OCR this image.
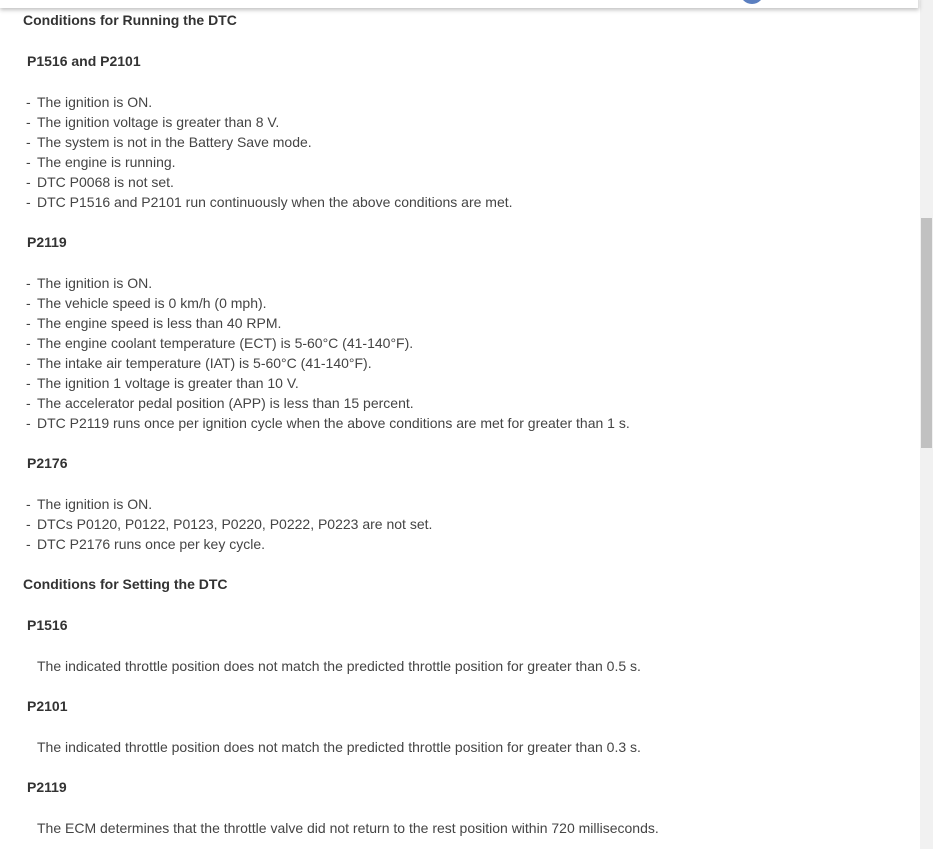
Conditions for Running the DTC
P1516 and P2101
- The ignition is ON.
- The ignition voltage is greater than 8 V.
- The system is not in the Battery Save mode.
- The engine is running.
- DTC P0068 is not set.
- DTC P1516 and P2101 run continuously when the above conditions are met.
P2119
- The ignition is ON.
- The vehicle speed is 0 km/h (0 mph).
- The engine speed is less than 40 RPM.
- The engine coolant temperature (ECT) is 5-60°C (41-140°F).
- The intake air temperature (IAT) is 5-60°C (41-140°F).
- The ignition 1 voltage is greater than 10 V.
- The accelerator pedal position (APP) is less than 15 percent.
- DTC P2119 runs once per ignition cycle when the above conditions are met for greater than 1 s.
P2176
- The ignition is ON.
- DTCs P0120, P0122, P0123, P0220, P0222, P0223 are not set.
- DTC P2176 runs once per key cycle.
Conditions for Setting the DTC
P1516
The indicated throttle position does not match the predicted throttle position for greater than 0.5 s.
P2101
The indicated throttle position does not match the predicted throttle position for greater than 0.3 s.
P2119
The ECM determines that the throttle valve did not return to the rest position within 720 milliseconds.
